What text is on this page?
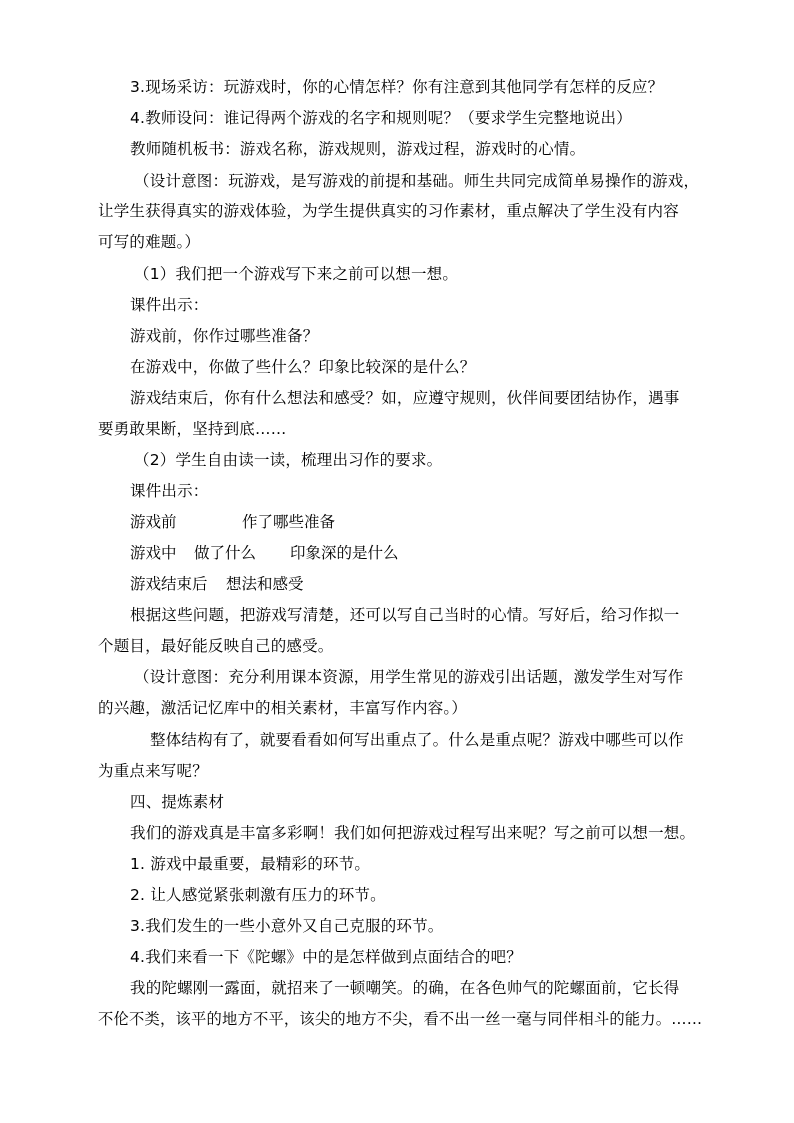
3.现场采访：玩游戏时，你的心情怎样？你有注意到其他同学有怎样的反应？
4.教师设问：谁记得两个游戏的名字和规则呢？（要求学生完整地说出）
教师随机板书：游戏名称，游戏规则，游戏过程，游戏时的心情。
（设计意图：玩游戏，是写游戏的前提和基础。师生共同完成简单易操作的游戏，
让学生获得真实的游戏体验，为学生提供真实的习作素材，重点解决了学生没有内容
可写的难题。）
（1）我们把一个游戏写下来之前可以想一想。
课件出示：
游戏前，你作过哪些准备？
在游戏中，你做了些什么？印象比较深的是什么？
游戏结束后，你有什么想法和感受？如，应遵守规则，伙伴间要团结协作，遇事
要勇敢果断，坚持到底……
（2）学生自由读一读，梳理出习作的要求。
课件出示：
游戏前	作了哪些准备
游戏中 做了什么 印象深的是什么
游戏结束后 想法和感受
根据这些问题，把游戏写清楚，还可以写自己当时的心情。写好后，给习作拟一
个题目，最好能反映自己的感受。
（设计意图：充分利用课本资源，用学生常见的游戏引出话题，激发学生对写作
的兴趣，激活记忆库中的相关素材，丰富写作内容。）
整体结构有了，就要看看如何写出重点了。什么是重点呢？游戏中哪些可以作
为重点来写呢？
四、提炼素材
我们的游戏真是丰富多彩啊！我们如何把游戏过程写出来呢？写之前可以想一想。
1. 游戏中最重要，最精彩的环节。
2. 让人感觉紧张刺激有压力的环节。
3.我们发生的一些小意外又自己克服的环节。
4.我们来看一下《陀螺》中的是怎样做到点面结合的吧？
我的陀螺刚一露面，就招来了一顿嘲笑。的确，在各色帅气的陀螺面前，它长得
不伦不类，该平的地方不平，该尖的地方不尖，看不出一丝一毫与同伴相斗的能力。……
